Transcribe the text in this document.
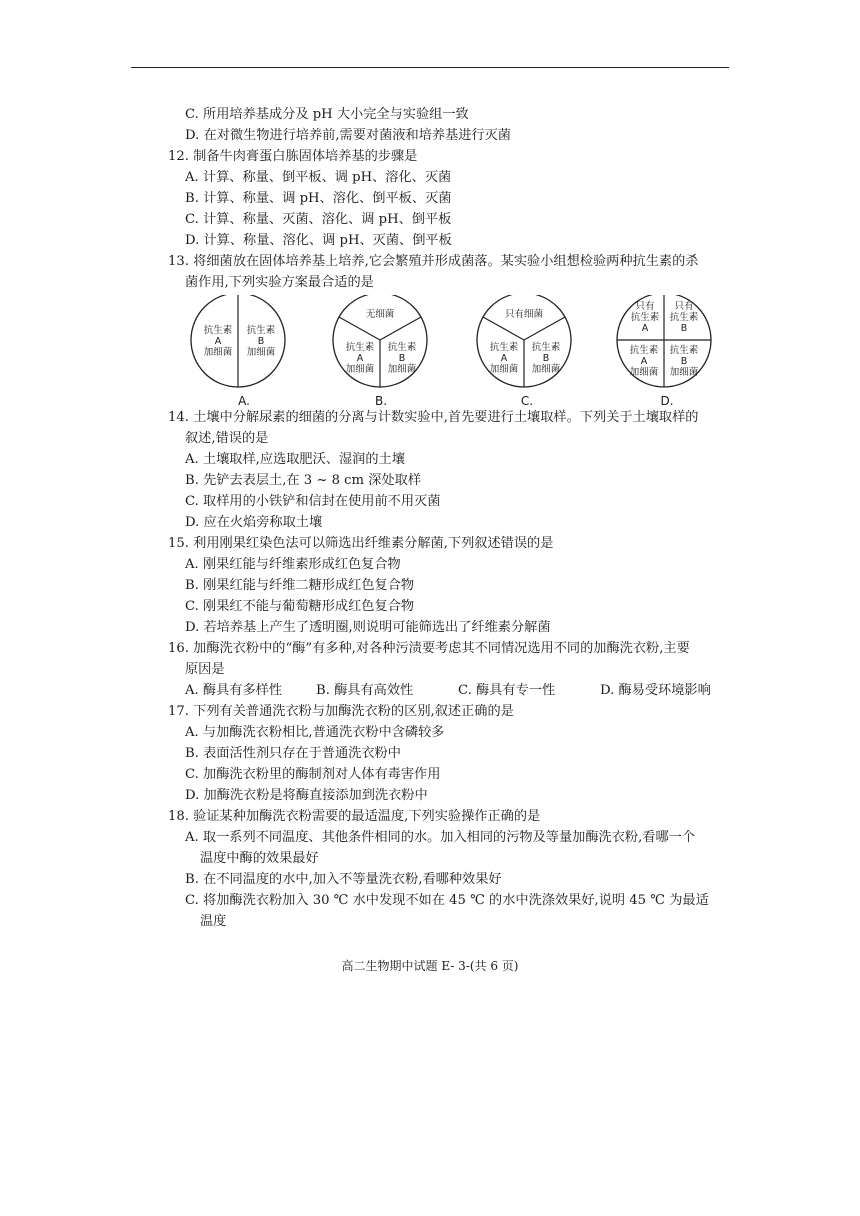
C. 所用培养基成分及 pH 大小完全与实验组一致
D. 在对微生物进行培养前,需要对菌液和培养基进行灭菌
12. 制备牛肉膏蛋白胨固体培养基的步骤是
A. 计算、称量、倒平板、调 pH、溶化、灭菌
B. 计算、称量、调 pH、溶化、倒平板、灭菌
C. 计算、称量、灭菌、溶化、调 pH、倒平板
D. 计算、称量、溶化、调 pH、灭菌、倒平板
13. 将细菌放在固体培养基上培养,它会繁殖并形成菌落。某实验小组想检验两种抗生素的杀
菌作用,下列实验方案最合适的是
抗生素
A
加细菌
抗生素
B
加细菌
A.
无细菌
抗生素
A
加细菌
抗生素
B
加细菌
B.
只有细菌
抗生素
A
加细菌
抗生素
B
加细菌
C.
只有
抗生素
A
只有
抗生素
B
抗生素
A
加细菌
抗生素
B
加细菌
D.
14. 土壤中分解尿素的细菌的分离与计数实验中,首先要进行土壤取样。下列关于土壤取样的
叙述,错误的是
A. 土壤取样,应选取肥沃、湿润的土壤
B. 先铲去表层土,在 3 ~ 8 cm 深处取样
C. 取样用的小铁铲和信封在使用前不用灭菌
D. 应在火焰旁称取土壤
15. 利用刚果红染色法可以筛选出纤维素分解菌,下列叙述错误的是
A. 刚果红能与纤维素形成红色复合物
B. 刚果红能与纤维二糖形成红色复合物
C. 刚果红不能与葡萄糖形成红色复合物
D. 若培养基上产生了透明圈,则说明可能筛选出了纤维素分解菌
16. 加酶洗衣粉中的“酶”有多种,对各种污渍要考虑其不同情况选用不同的加酶洗衣粉,主要
原因是
A. 酶具有多样性	B. 酶具有高效性	C. 酶具有专一性	D. 酶易受环境影响
17. 下列有关普通洗衣粉与加酶洗衣粉的区别,叙述正确的是
A. 与加酶洗衣粉相比,普通洗衣粉中含磷较多
B. 表面活性剂只存在于普通洗衣粉中
C. 加酶洗衣粉里的酶制剂对人体有毒害作用
D. 加酶洗衣粉是将酶直接添加到洗衣粉中
18. 验证某种加酶洗衣粉需要的最适温度,下列实验操作正确的是
A. 取一系列不同温度、其他条件相同的水。加入相同的污物及等量加酶洗衣粉,看哪一个
温度中酶的效果最好
B. 在不同温度的水中,加入不等量洗衣粉,看哪种效果好
C. 将加酶洗衣粉加入 30 ℃ 水中发现不如在 45 ℃ 的水中洗涤效果好,说明 45 ℃ 为最适
温度
高二生物期中试题 E- 3-(共 6 页)
